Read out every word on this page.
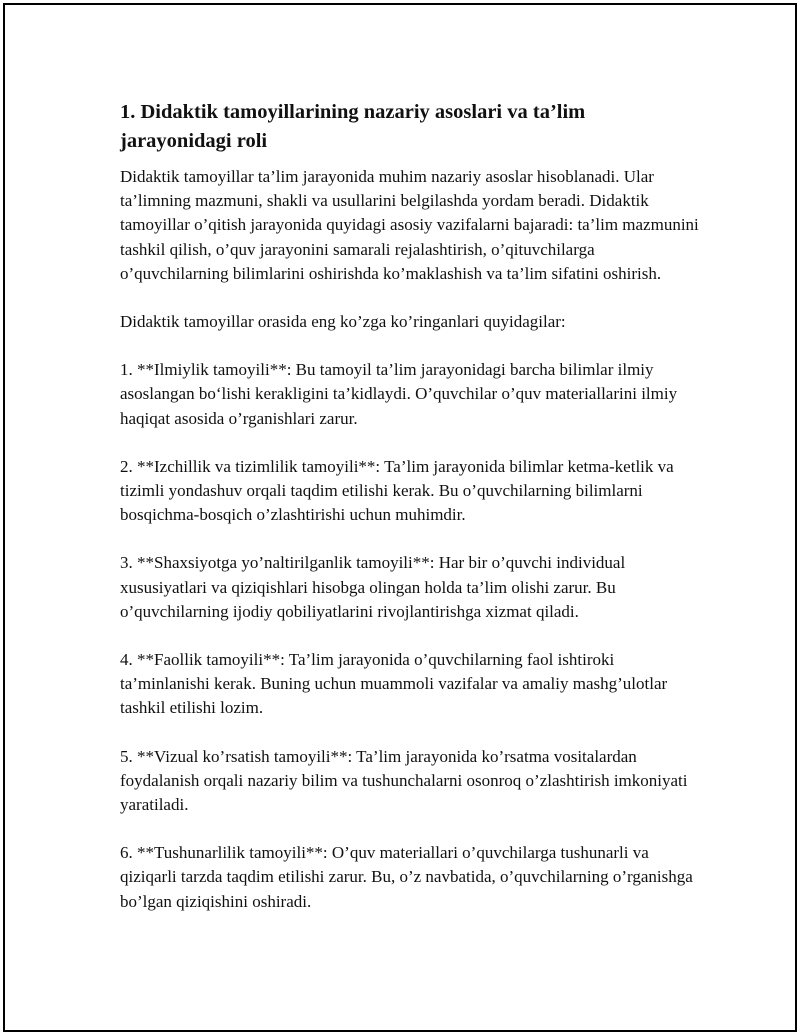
1. Didaktik tamoyillarining nazariy asoslari va ta’lim jarayonidagi roli

Didaktik tamoyillar ta’lim jarayonida muhim nazariy asoslar hisoblanadi. Ular ta’limning mazmuni, shakli va usullarini belgilashda yordam beradi. Didaktik tamoyillar o’qitish jarayonida quyidagi asosiy vazifalarni bajaradi: ta’lim mazmunini tashkil qilish, o’quv jarayonini samarali rejalashtirish, o’qituvchilarga o’quvchilarning bilimlarini oshirishda ko’maklashish va ta’lim sifatini oshirish.

Didaktik tamoyillar orasida eng ko’zga ko’ringanlari quyidagilar:

1. **Ilmiylik tamoyili**: Bu tamoyil ta’lim jarayonidagi barcha bilimlar ilmiy asoslangan bo‘lishi kerakligini ta’kidlaydi. O’quvchilar o’quv materiallarini ilmiy haqiqat asosida o’rganishlari zarur.

2. **Izchillik va tizimlilik tamoyili**: Ta’lim jarayonida bilimlar ketma-ketlik va tizimli yondashuv orqali taqdim etilishi kerak. Bu o’quvchilarning bilimlarni bosqichma-bosqich o’zlashtirishi uchun muhimdir.

3. **Shaxsiyotga yo’naltirilganlik tamoyili**: Har bir o’quvchi individual xususiyatlari va qiziqishlari hisobga olingan holda ta’lim olishi zarur. Bu o’quvchilarning ijodiy qobiliyatlarini rivojlantirishga xizmat qiladi.

4. **Faollik tamoyili**: Ta’lim jarayonida o’quvchilarning faol ishtiroki ta’minlanishi kerak. Buning uchun muammoli vazifalar va amaliy mashg’ulotlar tashkil etilishi lozim.

5. **Vizual ko’rsatish tamoyili**: Ta’lim jarayonida ko’rsatma vositalardan foydalanish orqali nazariy bilim va tushunchalarni osonroq o’zlashtirish imkoniyati yaratiladi.

6. **Tushunarlilik tamoyili**: O’quv materiallari o’quvchilarga tushunarli va qiziqarli tarzda taqdim etilishi zarur. Bu, o’z navbatida, o’quvchilarning o’rganishga bo’lgan qiziqishini oshiradi.
